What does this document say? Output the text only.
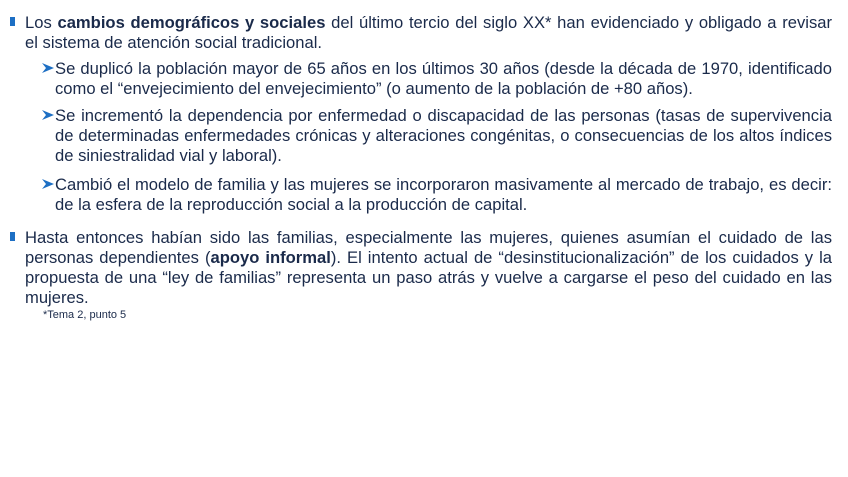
Los cambios demográficos y sociales del último tercio del siglo XX* han evidenciado y obligado a revisar el sistema de atención social tradicional.
Se duplicó la población mayor de 65 años en los últimos 30 años (desde la década de 1970, identificado como el “envejecimiento del envejecimiento” (o aumento de la población de +80 años).
Se incrementó la dependencia por enfermedad o discapacidad de las personas (tasas de supervivencia de determinadas enfermedades crónicas y alteraciones congénitas, o consecuencias de los altos índices de siniestralidad vial y laboral).
Cambió el modelo de familia y las mujeres se incorporaron masivamente al mercado de trabajo, es decir: de la esfera de la reproducción social a la producción de capital.
Hasta entonces habían sido las familias, especialmente las mujeres, quienes asumían el cuidado de las personas dependientes (apoyo informal). El intento actual de “desinstitucionalización” de los cuidados y la propuesta de una “ley de familias” representa un paso atrás y vuelve a cargarse el peso del cuidado en las mujeres.
*Tema 2, punto 5
